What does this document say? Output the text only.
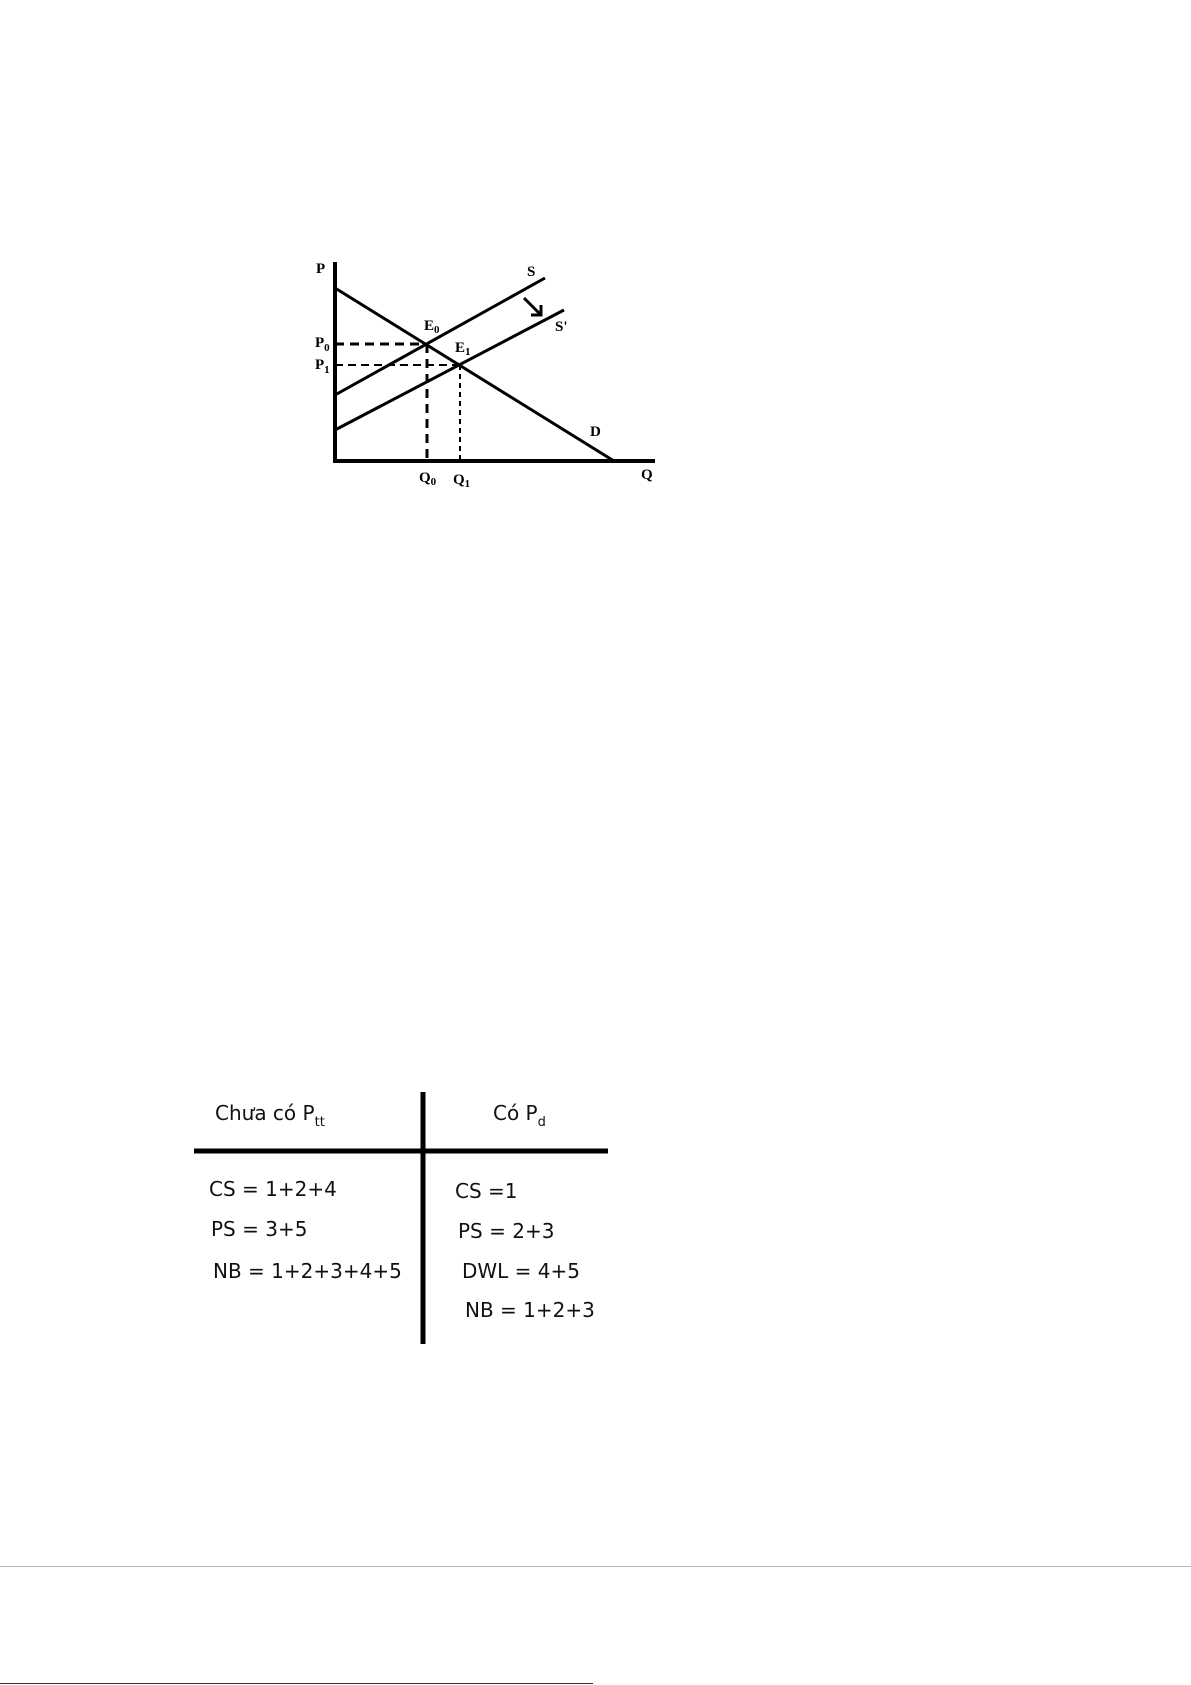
P
Q
S
S'
D
$E_0$
$E_1$
$P_0$
$P_1$
$Q_0$ $Q_1$
Chưa có $P_{tt}$	Có $P_d$
CS = 1+2+4
PS = 3+5
NB = 1+2+3+4+5
CS =1
PS = 2+3
DWL = 4+5
NB = 1+2+3
